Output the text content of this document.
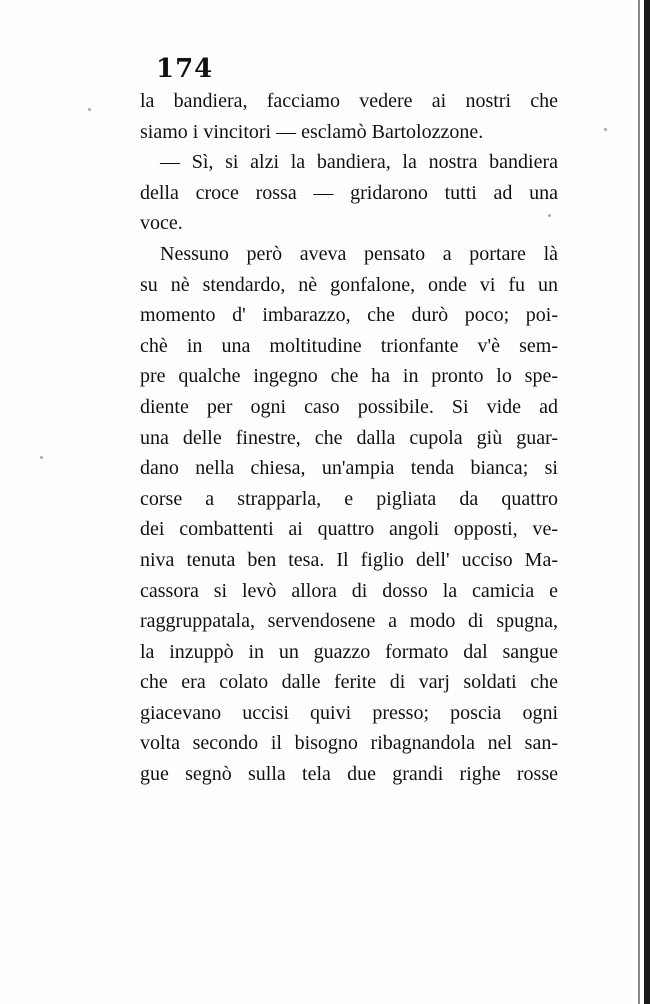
174
la bandiera, facciamo vedere ai nostri che
siamo i vincitori — esclamò Bartolozzone.
— Sì, si alzi la bandiera, la nostra bandiera
della croce rossa — gridarono tutti ad una
voce.
Nessuno però aveva pensato a portare là
su nè stendardo, nè gonfalone, onde vi fu un
momento d' imbarazzo, che durò poco; poi-
chè in una moltitudine trionfante v'è sem-
pre qualche ingegno che ha in pronto lo spe-
diente per ogni caso possibile. Si vide ad
una delle finestre, che dalla cupola giù guar-
dano nella chiesa, un'ampia tenda bianca; si
corse a strapparla, e pigliata da quattro
dei combattenti ai quattro angoli opposti, ve-
niva tenuta ben tesa. Il figlio dell' ucciso Ma-
cassora si levò allora di dosso la camicia e
raggruppatala, servendosene a modo di spugna,
la inzuppò in un guazzo formato dal sangue
che era colato dalle ferite di varj soldati che
giacevano uccisi quivi presso; poscia ogni
volta secondo il bisogno ribagnandola nel san-
gue segnò sulla tela due grandi righe rosse
